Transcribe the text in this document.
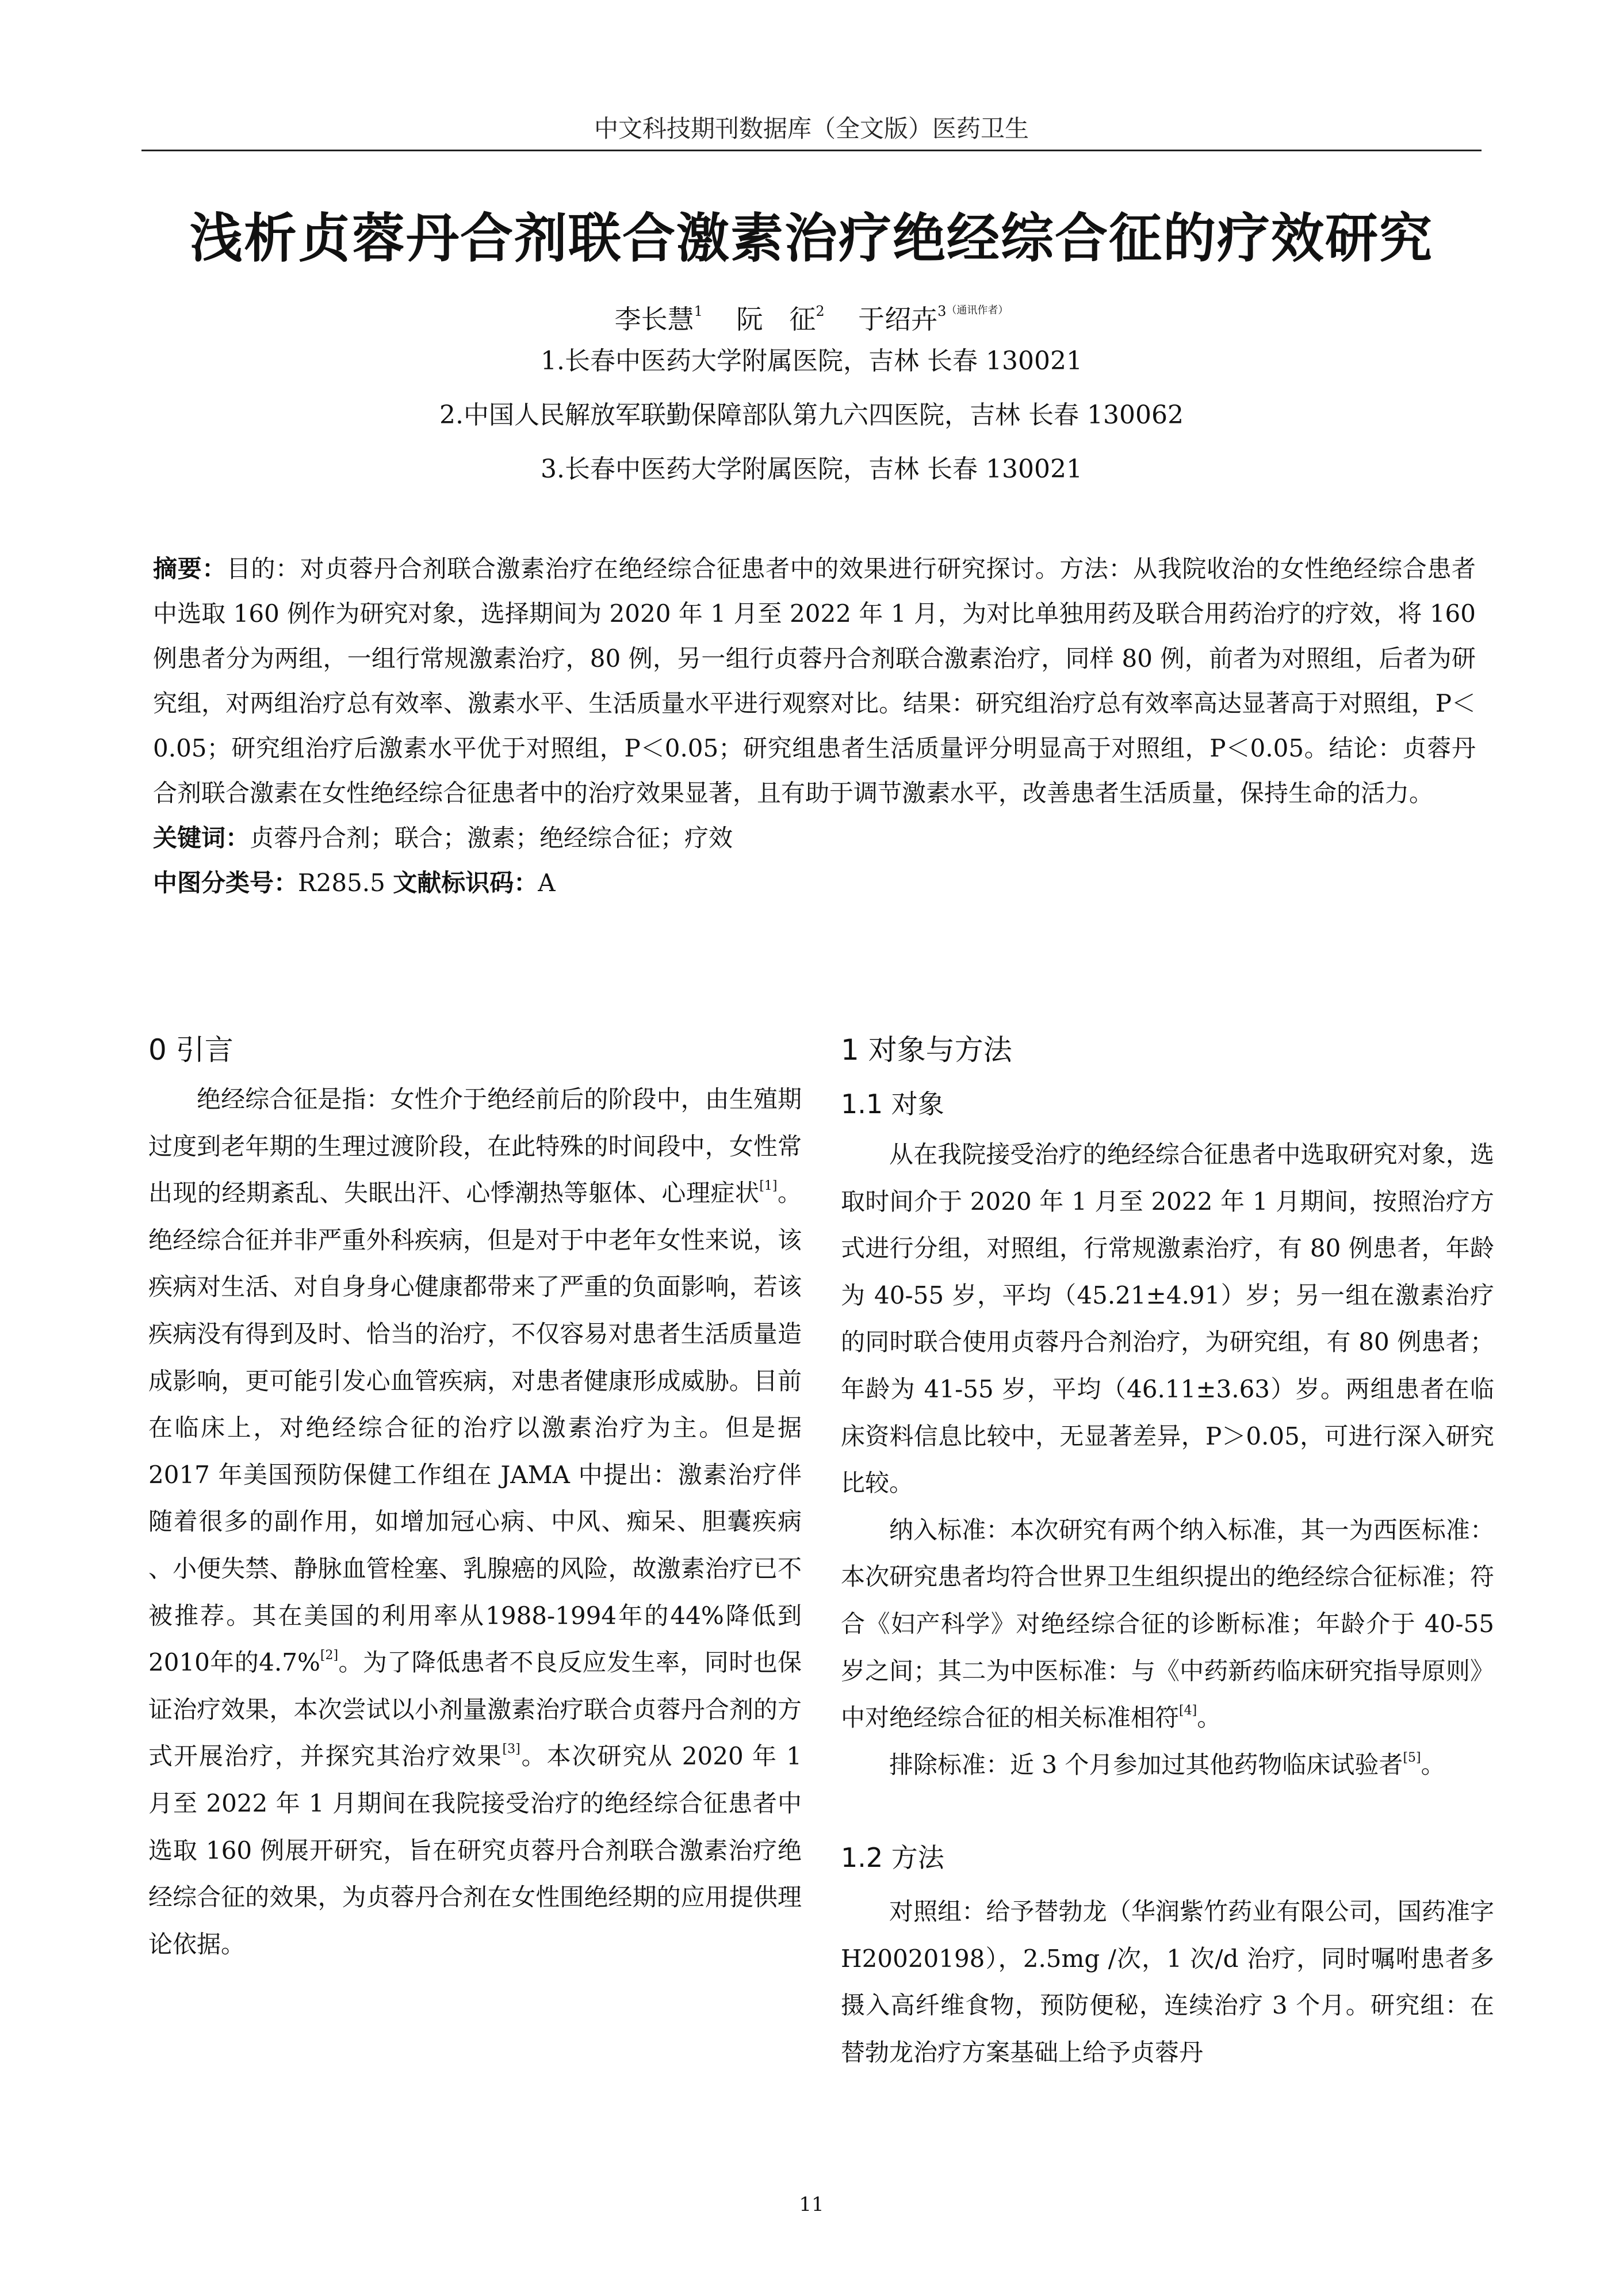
中文科技期刊数据库（全文版）医药卫生
浅析贞蓉丹合剂联合激素治疗绝经综合征的疗效研究
李长慧$^1$ 阮　征$^2$ 于绍卉$^{3(通讯作者)}$
1.长春中医药大学附属医院，吉林 长春 130021
2.中国人民解放军联勤保障部队第九六四医院，吉林 长春 130062
3.长春中医药大学附属医院，吉林 长春 130021

摘要：目的：对贞蓉丹合剂联合激素治疗在绝经综合征患者中的效果进行研究探讨。方法：从我院收治的女性绝经综合患者中选取 160 例作为研究对象，选择期间为 2020 年 1 月至 2022 年 1 月，为对比单独用药及联合用药治疗的疗效，将 160 例患者分为两组，一组行常规激素治疗，80 例，另一组行贞蓉丹合剂联合激素治疗，同样 80 例，前者为对照组，后者为研究组，对两组治疗总有效率、激素水平、生活质量水平进行观察对比。结果：研究组治疗总有效率高达显著高于对照组，P＜0.05；研究组治疗后激素水平优于对照组，P＜0.05；研究组患者生活质量评分明显高于对照组，P＜0.05。结论：贞蓉丹合剂联合激素在女性绝经综合征患者中的治疗效果显著，且有助于调节激素水平，改善患者生活质量，保持生命的活力。

关键词：贞蓉丹合剂；联合；激素；绝经综合征；疗效

中图分类号：R285.5 文献标识码：A

0 引言

绝经综合征是指：女性介于绝经前后的阶段中，由生殖期过度到老年期的生理过渡阶段，在此特殊的时间段中，女性常出现的经期紊乱、失眠出汗、心悸潮热等躯体、心理症状[1]。绝经综合征并非严重外科疾病，但是对于中老年女性来说，该疾病对生活、对自身身心健康都带来了严重的负面影响，若该疾病没有得到及时、恰当的治疗，不仅容易对患者生活质量造成影响，更可能引发心血管疾病，对患者健康形成威胁。目前在临床上，对绝经综合征的治疗以激素治疗为主。但是据 2017 年美国预防保健工作组在 JAMA 中提出：激素治疗伴随着很多的副作用，如增加冠心病、中风、痴呆、胆囊疾病 、小便失禁、静脉血管栓塞、乳腺癌的风险，故激素治疗已不被推荐。其在美国的利用率从1988-1994年的44%降低到2010年的4.7%[2]。为了降低患者不良反应发生率，同时也保证治疗效果，本次尝试以小剂量激素治疗联合贞蓉丹合剂的方式开展治疗，并探究其治疗效果[3]。本次研究从 2020 年 1 月至 2022 年 1 月期间在我院接受治疗的绝经综合征患者中选取 160 例展开研究，旨在研究贞蓉丹合剂联合激素治疗绝经综合征的效果，为贞蓉丹合剂在女性围绝经期的应用提供理论依据。

1 对象与方法
1.1 对象

从在我院接受治疗的绝经综合征患者中选取研究对象，选取时间介于 2020 年 1 月至 2022 年 1 月期间，按照治疗方式进行分组，对照组，行常规激素治疗，有 80 例患者，年龄为 40-55 岁，平均（45.21±4.91）岁；另一组在激素治疗的同时联合使用贞蓉丹合剂治疗，为研究组，有 80 例患者；年龄为 41-55 岁，平均（46.11±3.63）岁。两组患者在临床资料信息比较中，无显著差异，P＞0.05，可进行深入研究比较。

纳入标准：本次研究有两个纳入标准，其一为西医标准：本次研究患者均符合世界卫生组织提出的绝经综合征标准；符合《妇产科学》对绝经综合征的诊断标准；年龄介于 40-55 岁之间；其二为中医标准：与《中药新药临床研究指导原则》中对绝经综合征的相关标准相符[4]。

排除标准：近 3 个月参加过其他药物临床试验者[5]。

1.2 方法

对照组：给予替勃龙（华润紫竹药业有限公司，国药准字 H20020198），2.5mg /次，1 次/d 治疗，同时嘱咐患者多摄入高纤维食物，预防便秘，连续治疗 3 个月。研究组：在替勃龙治疗方案基础上给予贞蓉丹

11
